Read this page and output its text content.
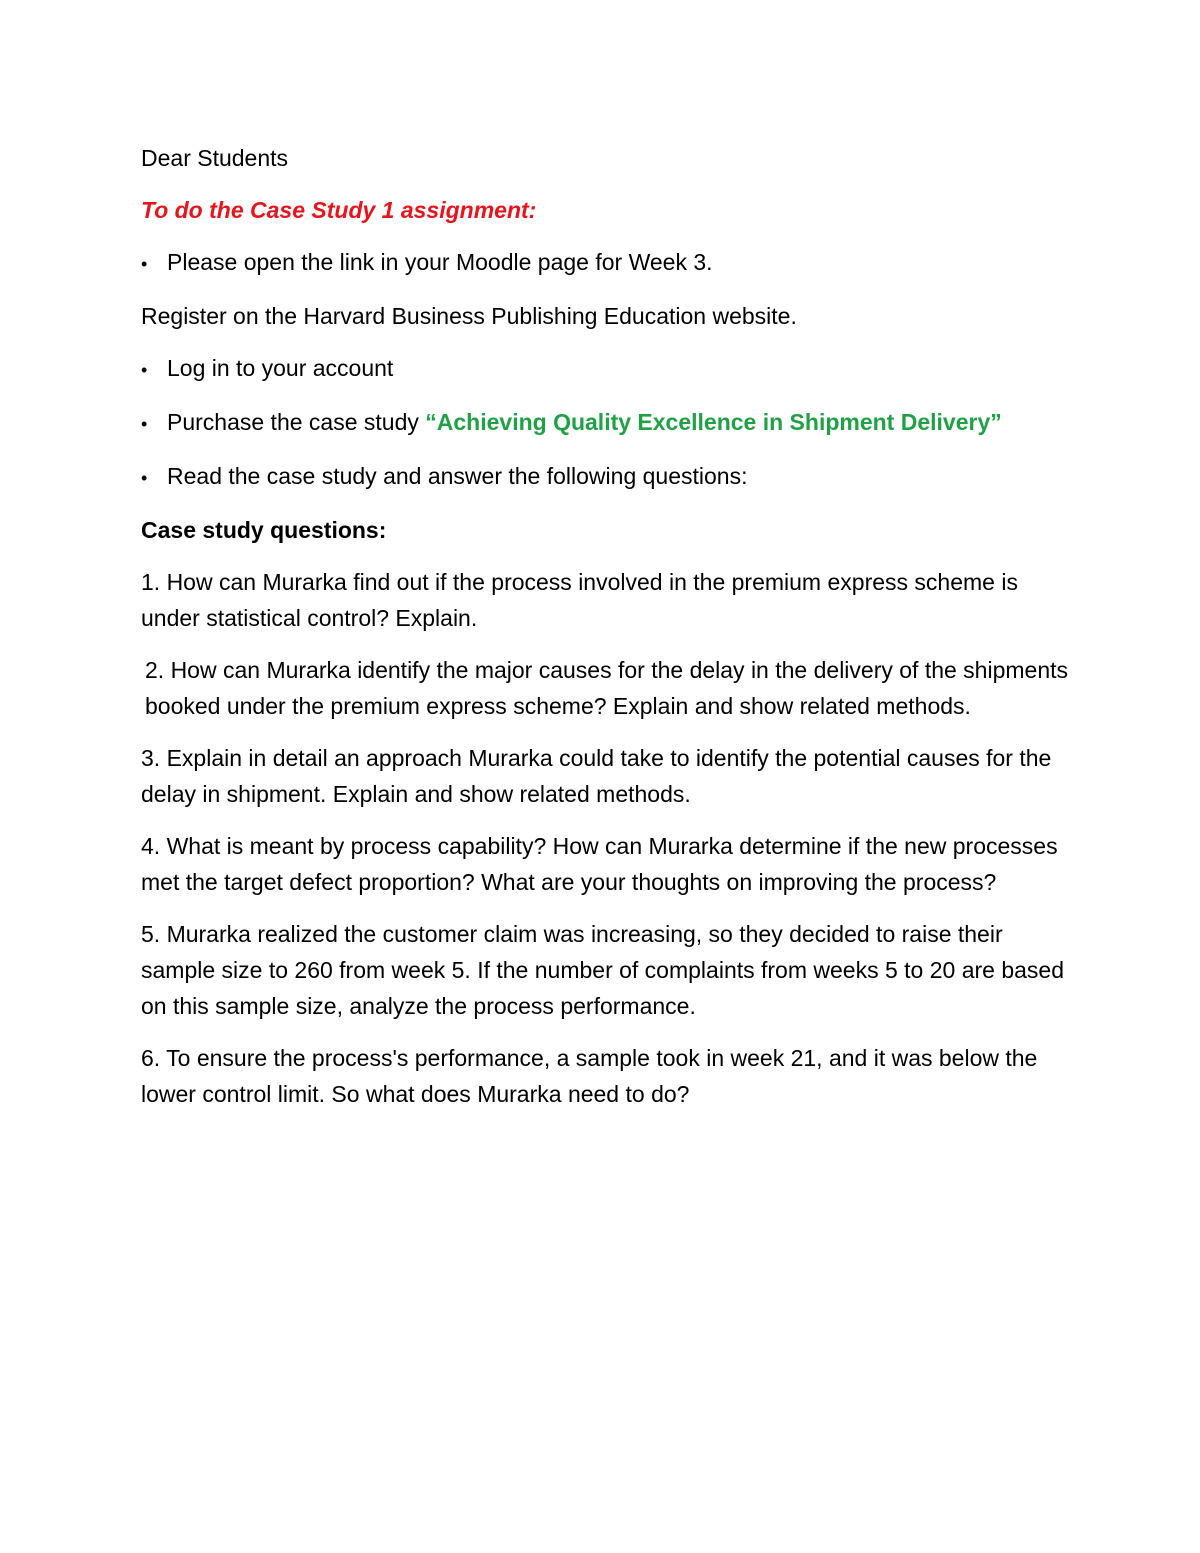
Dear Students

To do the Case Study 1 assignment:

• Please open the link in your Moodle page for Week 3.

Register on the Harvard Business Publishing Education website.

• Log in to your account
• Purchase the case study “Achieving Quality Excellence in Shipment Delivery”
• Read the case study and answer the following questions:

Case study questions:

1. How can Murarka find out if the process involved in the premium express scheme is under statistical control? Explain.

2. How can Murarka identify the major causes for the delay in the delivery of the shipments booked under the premium express scheme? Explain and show related methods.

3. Explain in detail an approach Murarka could take to identify the potential causes for the delay in shipment. Explain and show related methods.

4. What is meant by process capability? How can Murarka determine if the new processes met the target defect proportion? What are your thoughts on improving the process?

5. Murarka realized the customer claim was increasing, so they decided to raise their sample size to 260 from week 5. If the number of complaints from weeks 5 to 20 are based on this sample size, analyze the process performance.

6. To ensure the process's performance, a sample took in week 21, and it was below the lower control limit. So what does Murarka need to do?
